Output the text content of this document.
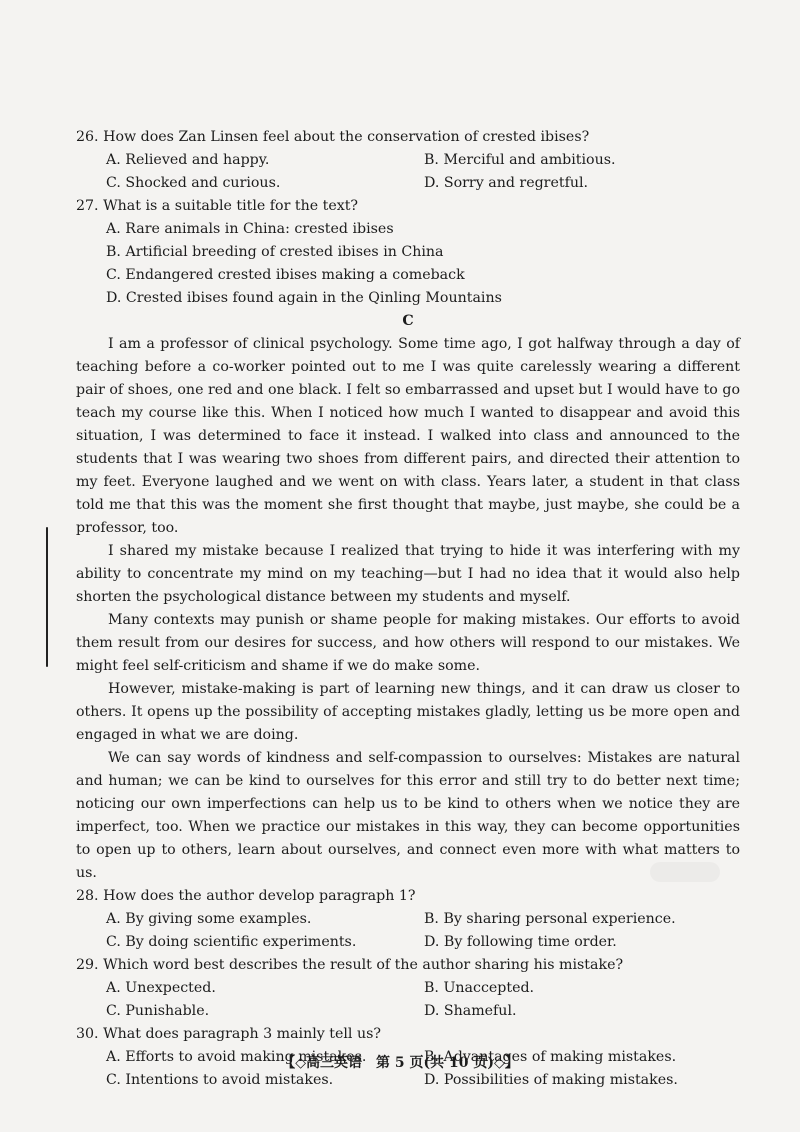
26. How does Zan Linsen feel about the conservation of crested ibises?
A. Relieved and happy.	B. Merciful and ambitious.
C. Shocked and curious.	D. Sorry and regretful.
27. What is a suitable title for the text?
A. Rare animals in China: crested ibises
B. Artificial breeding of crested ibises in China
C. Endangered crested ibises making a comeback
D. Crested ibises found again in the Qinling Mountains
C

I am a professor of clinical psychology. Some time ago, I got halfway through a day of teaching before a co-worker pointed out to me I was quite carelessly wearing a different pair of shoes, one red and one black. I felt so embarrassed and upset but I would have to go teach my course like this. When I noticed how much I wanted to disappear and avoid this situation, I was determined to face it instead. I walked into class and announced to the students that I was wearing two shoes from different pairs, and directed their attention to my feet. Everyone laughed and we went on with class. Years later, a student in that class told me that this was the moment she first thought that maybe, just maybe, she could be a professor, too.

I shared my mistake because I realized that trying to hide it was interfering with my ability to concentrate my mind on my teaching—but I had no idea that it would also help shorten the psychological distance between my students and myself.

Many contexts may punish or shame people for making mistakes. Our efforts to avoid them result from our desires for success, and how others will respond to our mistakes. We might feel self-criticism and shame if we do make some.

However, mistake-making is part of learning new things, and it can draw us closer to others. It opens up the possibility of accepting mistakes gladly, letting us be more open and engaged in what we are doing.

We can say words of kindness and self-compassion to ourselves: Mistakes are natural and human; we can be kind to ourselves for this error and still try to do better next time; noticing our own imperfections can help us to be kind to others when we notice they are imperfect, too. When we practice our mistakes in this way, they can become opportunities to open up to others, learn about ourselves, and connect even more with what matters to us.

28. How does the author develop paragraph 1?
A. By giving some examples.	B. By sharing personal experience.
C. By doing scientific experiments.	D. By following time order.
29. Which word best describes the result of the author sharing his mistake?
A. Unexpected.	B. Unaccepted.
C. Punishable.	D. Shameful.
30. What does paragraph 3 mainly tell us?
A. Efforts to avoid making mistakes.	B. Advantages of making mistakes.
C. Intentions to avoid mistakes.	D. Possibilities of making mistakes.
【◇高三英语　第 5 页(共 10 页)◇】
